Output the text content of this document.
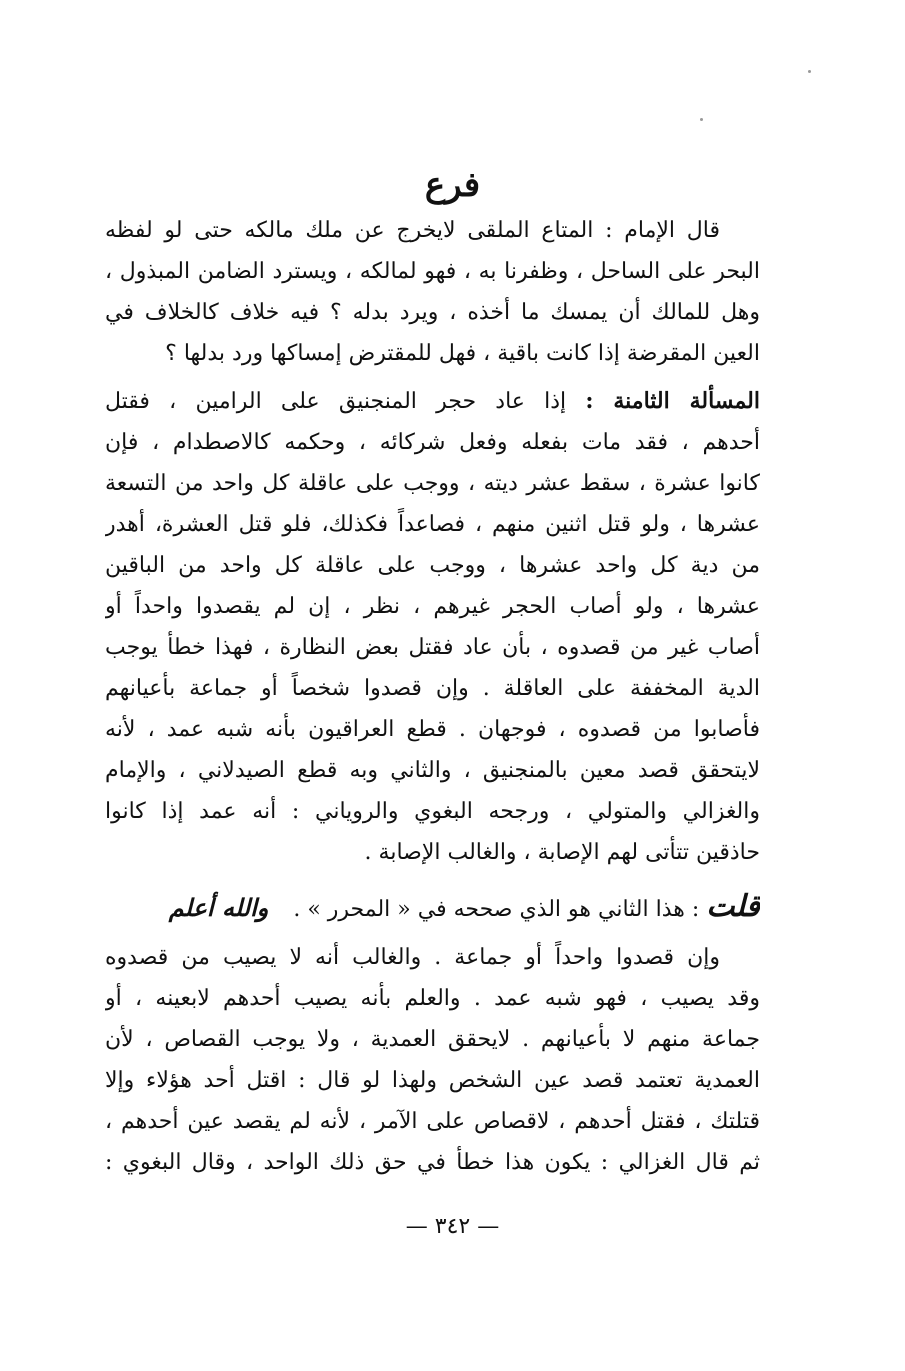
فرع
قال الإمام : المتاع الملقى لايخرج عن ملك مالكه حتى لو لفظه
البحر على الساحل ، وظفرنا به ، فهو لمالكه ، ويسترد الضامن المبذول ،
وهل للمالك أن يمسك ما أخذه ، ويرد بدله ؟ فيه خلاف كالخلاف في
العين المقرضة إذا كانت باقية ، فهل للمقترض إمساكها ورد بدلها ؟
المسألة الثامنة : إذا عاد حجر المنجنيق على الرامين ، فقتل
أحدهم ، فقد مات بفعله وفعل شركائه ، وحكمه كالاصطدام ، فإن
كانوا عشرة ، سقط عشر ديته ، ووجب على عاقلة كل واحد من التسعة
عشرها ، ولو قتل اثنين منهم ، فصاعداً فكذلك، فلو قتل العشرة، أهدر
من دية كل واحد عشرها ، ووجب على عاقلة كل واحد من الباقين
عشرها ، ولو أصاب الحجر غيرهم ، نظر ، إن لم يقصدوا واحداً أو
أصاب غير من قصدوه ، بأن عاد فقتل بعض النظارة ، فهذا خطأ يوجب
الدية المخففة على العاقلة . وإن قصدوا شخصاً أو جماعة بأعيانهم
فأصابوا من قصدوه ، فوجهان . قطع العراقيون بأنه شبه عمد ، لأنه
لايتحقق قصد معين بالمنجنيق ، والثاني وبه قطع الصيدلاني ، والإمام
والغزالي والمتولي ، ورجحه البغوي والروياني : أنه عمد إذا كانوا
حاذقين تتأتى لهم الإصابة ، والغالب الإصابة .
قلت : هذا الثاني هو الذي صححه في « المحرر » . والله أعلم
وإن قصدوا واحداً أو جماعة . والغالب أنه لا يصيب من قصدوه
وقد يصيب ، فهو شبه عمد . والعلم بأنه يصيب أحدهم لابعينه ، أو
جماعة منهم لا بأعيانهم . لايحقق العمدية ، ولا يوجب القصاص ، لأن
العمدية تعتمد قصد عين الشخص ولهذا لو قال : اقتل أحد هؤلاء وإلا
قتلتك ، فقتل أحدهم ، لاقصاص على الآمر ، لأنه لم يقصد عين أحدهم ،
ثم قال الغزالي : يكون هذا خطأ في حق ذلك الواحد ، وقال البغوي :
— ٣٤٢ —
